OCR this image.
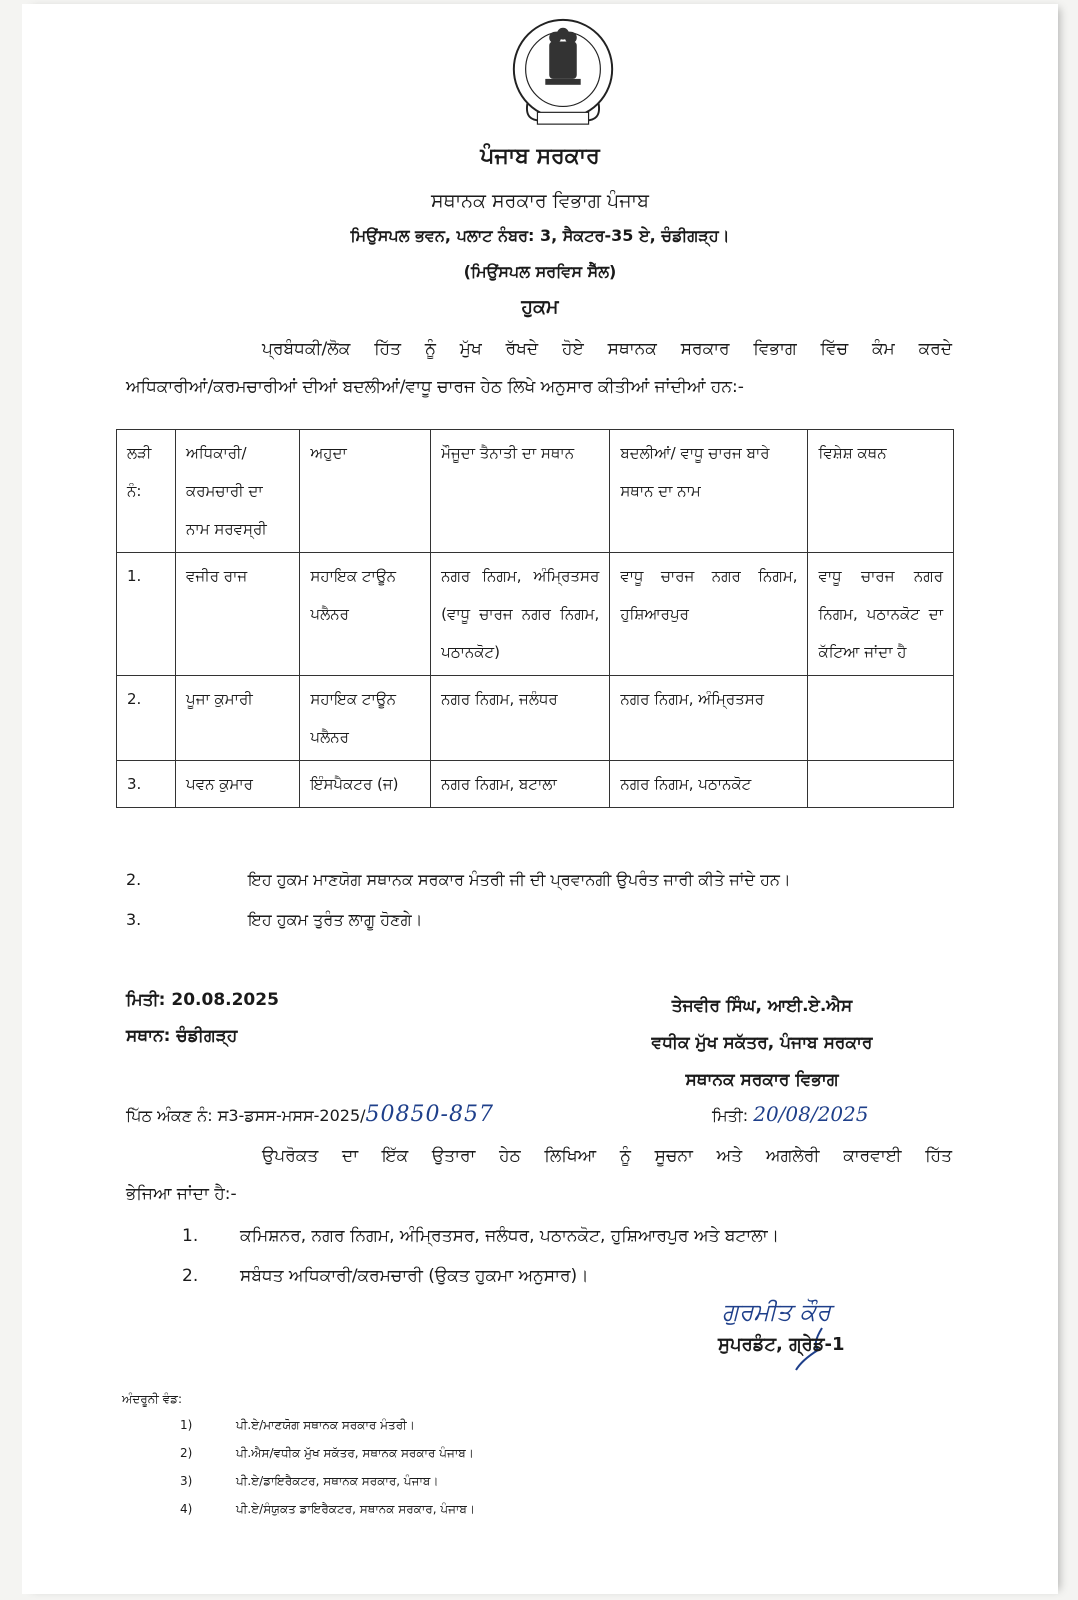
ਪੰਜਾਬ ਸਰਕਾਰ
ਸਥਾਨਕ ਸਰਕਾਰ ਵਿਭਾਗ ਪੰਜਾਬ
ਮਿਉਂਸਪਲ ਭਵਨ, ਪਲਾਟ ਨੰਬਰ: 3, ਸੈਕਟਰ-35 ਏ, ਚੰਡੀਗੜ੍ਹ।
(ਮਿਉਂਸਪਲ ਸਰਵਿਸ ਸੈੱਲ)
ਹੁਕਮ
ਪ੍ਰਬੰਧਕੀ/ਲੋਕ ਹਿੱਤ ਨੂੰ ਮੁੱਖ ਰੱਖਦੇ ਹੋਏ ਸਥਾਨਕ ਸਰਕਾਰ ਵਿਭਾਗ ਵਿੱਚ ਕੰਮ ਕਰਦੇ
ਅਧਿਕਾਰੀਆਂ/ਕਰਮਚਾਰੀਆਂ ਦੀਆਂ ਬਦਲੀਆਂ/ਵਾਧੂ ਚਾਰਜ ਹੇਠ ਲਿਖੇ ਅਨੁਸਾਰ ਕੀਤੀਆਂ ਜਾਂਦੀਆਂ ਹਨ:-
ਲੜੀ ਨੰ:	ਅਧਿਕਾਰੀ/ ਕਰਮਚਾਰੀ ਦਾ ਨਾਮ ਸਰਵਸ੍ਰੀ	ਅਹੁਦਾ	ਮੌਜੂਦਾ ਤੈਨਾਤੀ ਦਾ ਸਥਾਨ	ਬਦਲੀਆਂ/ ਵਾਧੂ ਚਾਰਜ ਬਾਰੇ ਸਥਾਨ ਦਾ ਨਾਮ	ਵਿਸ਼ੇਸ਼ ਕਥਨ
1.	ਵਜੀਰ ਰਾਜ	ਸਹਾਇਕ ਟਾਊਨ ਪਲੈਨਰ	ਨਗਰ ਨਿਗਮ, ਅੰਮ੍ਰਿਤਸਰ (ਵਾਧੂ ਚਾਰਜ ਨਗਰ ਨਿਗਮ, ਪਠਾਨਕੋਟ)	ਵਾਧੂ ਚਾਰਜ ਨਗਰ ਨਿਗਮ, ਹੁਸ਼ਿਆਰਪੁਰ	ਵਾਧੂ ਚਾਰਜ ਨਗਰ ਨਿਗਮ, ਪਠਾਨਕੋਟ ਦਾ ਕੱਟਿਆ ਜਾਂਦਾ ਹੈ
2.	ਪੂਜਾ ਕੁਮਾਰੀ	ਸਹਾਇਕ ਟਾਊਨ ਪਲੈਨਰ	ਨਗਰ ਨਿਗਮ, ਜਲੰਧਰ	ਨਗਰ ਨਿਗਮ, ਅੰਮ੍ਰਿਤਸਰ	
3.	ਪਵਨ ਕੁਮਾਰ	ਇੰਸਪੈਕਟਰ (ਜ)	ਨਗਰ ਨਿਗਮ, ਬਟਾਲਾ	ਨਗਰ ਨਿਗਮ, ਪਠਾਨਕੋਟ	
2.	ਇਹ ਹੁਕਮ ਮਾਣਯੋਗ ਸਥਾਨਕ ਸਰਕਾਰ ਮੰਤਰੀ ਜੀ ਦੀ ਪ੍ਰਵਾਨਗੀ ਉਪਰੰਤ ਜਾਰੀ ਕੀਤੇ ਜਾਂਦੇ ਹਨ।
3.	ਇਹ ਹੁਕਮ ਤੁਰੰਤ ਲਾਗੂ ਹੋਣਗੇ।
ਮਿਤੀ: 20.08.2025
ਸਥਾਨ: ਚੰਡੀਗੜ੍ਹ
ਤੇਜਵੀਰ ਸਿੰਘ, ਆਈ.ਏ.ਐਸ
ਵਧੀਕ ਮੁੱਖ ਸਕੱਤਰ, ਪੰਜਾਬ ਸਰਕਾਰ
ਸਥਾਨਕ ਸਰਕਾਰ ਵਿਭਾਗ
ਪਿੱਠ ਅੰਕਣ ਨੰ: ਸ3-ਡਸਸ-ਮਸਸ-2025/50850-857	ਮਿਤੀ: 20/08/2025
ਉਪਰੋਕਤ ਦਾ ਇੱਕ ਉਤਾਰਾ ਹੇਠ ਲਿਖਿਆ ਨੂੰ ਸੂਚਨਾ ਅਤੇ ਅਗਲੇਰੀ ਕਾਰਵਾਈ ਹਿੱਤ
ਭੇਜਿਆ ਜਾਂਦਾ ਹੈ:-
1. ਕਮਿਸ਼ਨਰ, ਨਗਰ ਨਿਗਮ, ਅੰਮ੍ਰਿਤਸਰ, ਜਲੰਧਰ, ਪਠਾਨਕੋਟ, ਹੁਸ਼ਿਆਰਪੁਰ ਅਤੇ ਬਟਾਲਾ।
2. ਸਬੰਧਤ ਅਧਿਕਾਰੀ/ਕਰਮਚਾਰੀ (ਉਕਤ ਹੁਕਮਾ ਅਨੁਸਾਰ)।
ਗੁਰਮੀਤ ਕੌਰ
ਸੁਪਰਡੰਟ, ਗ੍ਰੇਡ-1
ਅੰਦਰੂਨੀ ਵੰਡ:
1)	ਪੀ.ਏ/ਮਾਣਯੋਗ ਸਥਾਨਕ ਸਰਕਾਰ ਮੰਤਰੀ।
2)	ਪੀ.ਐਸ/ਵਧੀਕ ਮੁੱਖ ਸਕੱਤਰ, ਸਥਾਨਕ ਸਰਕਾਰ ਪੰਜਾਬ।
3)	ਪੀ.ਏ/ਡਾਇਰੈਕਟਰ, ਸਥਾਨਕ ਸਰਕਾਰ, ਪੰਜਾਬ।
4)	ਪੀ.ਏ/ਸੰਯੁਕਤ ਡਾਇਰੈਕਟਰ, ਸਥਾਨਕ ਸਰਕਾਰ, ਪੰਜਾਬ।
